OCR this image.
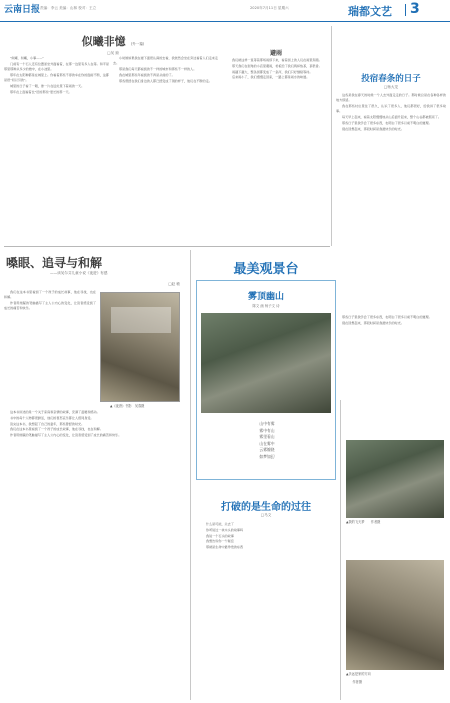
云南日报 责编：李云 美编：山林 校对：王立	2020年7月11日 星期六	瑞都文艺 3
似曦非憶 (外一篇)
□吴 琼

"似曦、似曦，小事——"

门前有一个石人还有位置而坐外面看着，在那一边里有多人在等。和平是那里那种从多少的旅中，在小池里。

那年在太阳种都是在城里上。你看着那些不停的车在你的面前不断，这都是很"何以引的"。

城里的日子看了一眼，像一片在远处里下着雨的一天。

那年在上面看着比"旧的那些"更长的那一天。

小时候如果我在楼下面很认真的去看，我依然会坐在旁边看着人们走来走去。

那是我们每天都看到的不一样的城市和那些不一样的人。

我在城里那些年看到的不再是从前的了。

那些曾经在我们身边的人都已经变成了别的样子，他们在不断的走。

避雨

我们就这样一直等着那场雨停下来，看着街上的人们在雨里奔跑。

那天我们在街角的小店里避雨，老板给了我们两杯热茶，茶很香。

雨越下越大，整条街都变成了一条河，我们只好继续等待。

后来雨小了，我们慢慢走回家，一路上都是雨水的味道。	投宿春条的日子
□杨大龙

这些是我在春天的时候一个人去外面走走的日子。那时候总是在各种各样的地方停留。

我在那些村庄里住了很久，认识了很多人，他们都很好，给我讲了很多故事。

每天早上起来，看着太阳慢慢地从山后面升起来，整个山谷都被照亮了。

那些日子里我学会了很多东西，也明白了很多以前不明白的道理。

现在回想起来，那段时间是我最快乐的时光。

那些日子里我学会了很多东西，也明白了很多以前不明白的道理。

现在回想起来，那段时间是我最快乐的时光。

嗓眼、追寻与和解
——读吴尔芬儿童小说《夜遊》有感
□赵 敏

我们在这本书里看到了一个孩子的成长故事，他在寻找，也在和解。

作者用细腻的笔触描写了主人公内心的变化，让读者感受到了成长的痛苦和快乐。

▲《夜遊》书影　吴春摄

这本书讲述的是一个关于家庭和亲情的故事，充满了温暖和感动。

书中的每个人物都很鲜活，他们的喜怒哀乐都让人感同身受。

读完这本书，我想起了自己的童年，那些曾经的时光。

我们在这本书里看到了一个孩子的成长故事，他在寻找，也在和解。

作者用细腻的笔触描写了主人公内心的变化，让读者感受到了成长的痛苦和快乐。

最美观景台
雾顶幽山
陈文 画 杨子文 诗
山中有雾
雾中有山
雾里看山
山在雾中
云雾缭绕
如梦如幻
打破的是生命的过往
□马文

什么是可能，失去了

你听说过一块木头的故事吗

我说一个石头的故事

我想告诉你一个秘密

那就是生命中最珍贵的东西

▲我的飞天梦　　作者摄
▲多远是家的方向
　　作者摄
